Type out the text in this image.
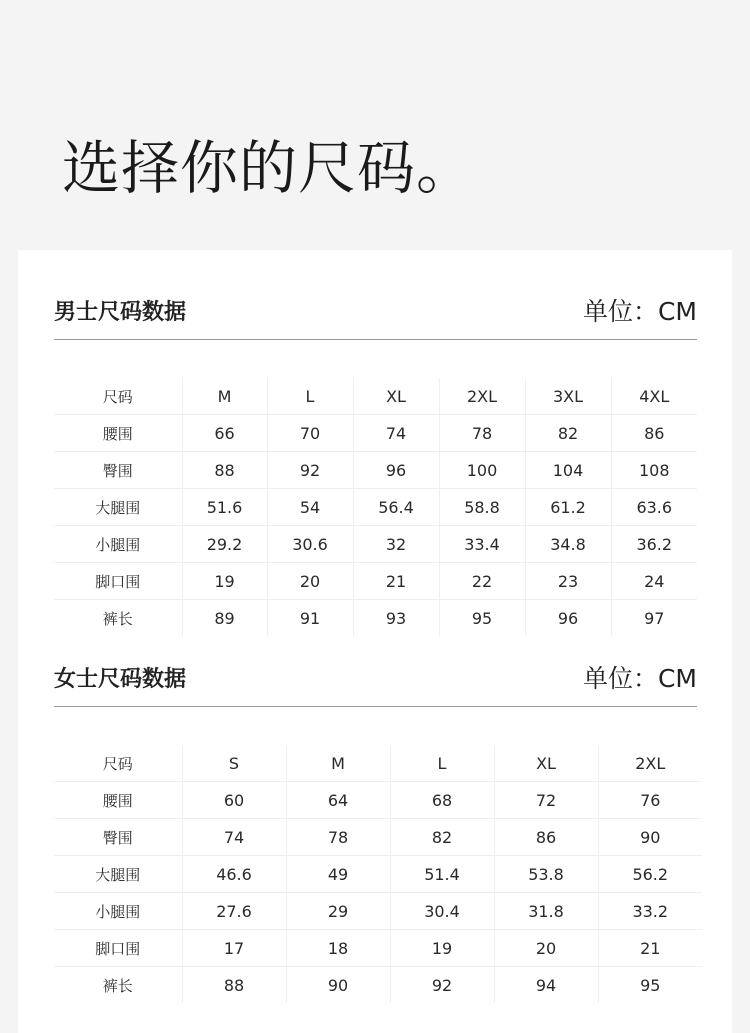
选择你的尺码。
男士尺码数据	单位：CM
尺码	M	L	XL	2XL	3XL	4XL
腰围	66	70	74	78	82	86
臀围	88	92	96	100	104	108
大腿围	51.6	54	56.4	58.8	61.2	63.6
小腿围	29.2	30.6	32	33.4	34.8	36.2
脚口围	19	20	21	22	23	24
裤长	89	91	93	95	96	97
女士尺码数据	单位：CM
尺码	S	M	L	XL	2XL
腰围	60	64	68	72	76
臀围	74	78	82	86	90
大腿围	46.6	49	51.4	53.8	56.2
小腿围	27.6	29	30.4	31.8	33.2
脚口围	17	18	19	20	21
裤长	88	90	92	94	95
